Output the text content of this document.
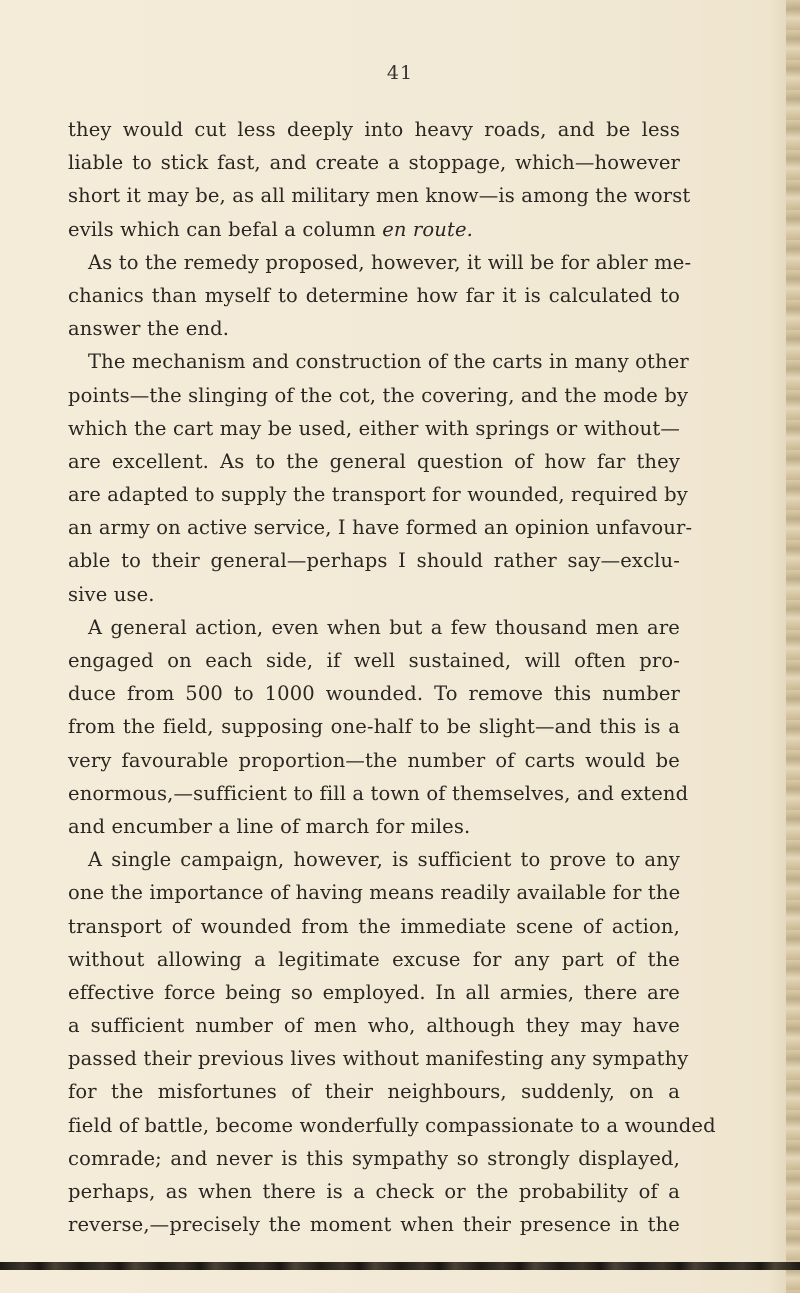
41
they would cut less deeply into heavy roads, and be less
liable to stick fast, and create a stoppage, which—however
short it may be, as all military men know—is among the worst
evils which can befal a column en route.
As to the remedy proposed, however, it will be for abler me-
chanics than myself to determine how far it is calculated to
answer the end.
The mechanism and construction of the carts in many other
points—the slinging of the cot, the covering, and the mode by
which the cart may be used, either with springs or without—
are excellent. As to the general question of how far they
are adapted to supply the transport for wounded, required by
an army on active service, I have formed an opinion unfavour-
able to their general—perhaps I should rather say—exclu-
sive use.
A general action, even when but a few thousand men are
engaged on each side, if well sustained, will often pro-
duce from 500 to 1000 wounded. To remove this number
from the field, supposing one-half to be slight—and this is a
very favourable proportion—the number of carts would be
enormous,—sufficient to fill a town of themselves, and extend
and encumber a line of march for miles.
A single campaign, however, is sufficient to prove to any
one the importance of having means readily available for the
transport of wounded from the immediate scene of action,
without allowing a legitimate excuse for any part of the
effective force being so employed. In all armies, there are
a sufficient number of men who, although they may have
passed their previous lives without manifesting any sympathy
for the misfortunes of their neighbours, suddenly, on a
field of battle, become wonderfully compassionate to a wounded
comrade; and never is this sympathy so strongly displayed,
perhaps, as when there is a check or the probability of a
reverse,—precisely the moment when their presence in the
